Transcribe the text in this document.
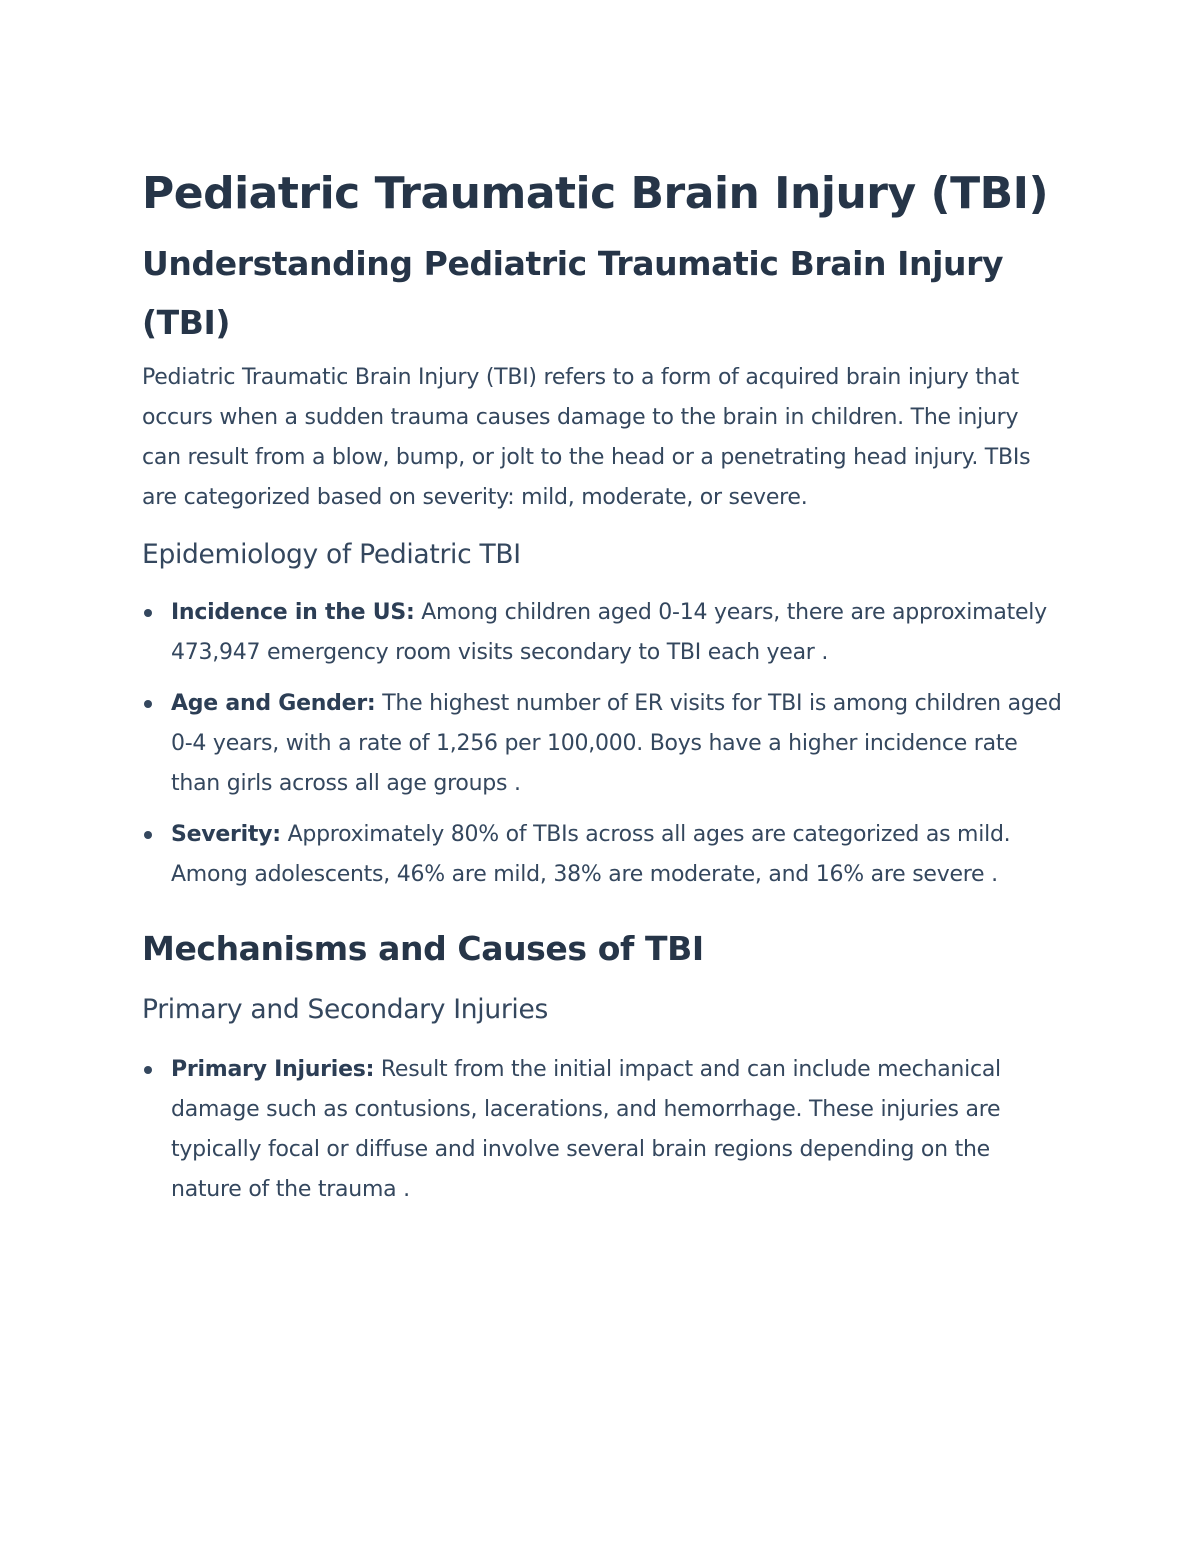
Pediatric Traumatic Brain Injury (TBI)
Understanding Pediatric Traumatic Brain Injury (TBI)

Pediatric Traumatic Brain Injury (TBI) refers to a form of acquired brain injury that occurs when a sudden trauma causes damage to the brain in children. The injury can result from a blow, bump, or jolt to the head or a penetrating head injury. TBIs are categorized based on severity: mild, moderate, or severe.

Epidemiology of Pediatric TBI
Incidence in the US: Among children aged 0-14 years, there are approximately 473,947 emergency room visits secondary to TBI each year .
Age and Gender: The highest number of ER visits for TBI is among children aged 0-4 years, with a rate of 1,256 per 100,000. Boys have a higher incidence rate than girls across all age groups .
Severity: Approximately 80% of TBIs across all ages are categorized as mild. Among adolescents, 46% are mild, 38% are moderate, and 16% are severe .
Mechanisms and Causes of TBI
Primary and Secondary Injuries
Primary Injuries: Result from the initial impact and can include mechanical damage such as contusions, lacerations, and hemorrhage. These injuries are typically focal or diffuse and involve several brain regions depending on the nature of the trauma .
